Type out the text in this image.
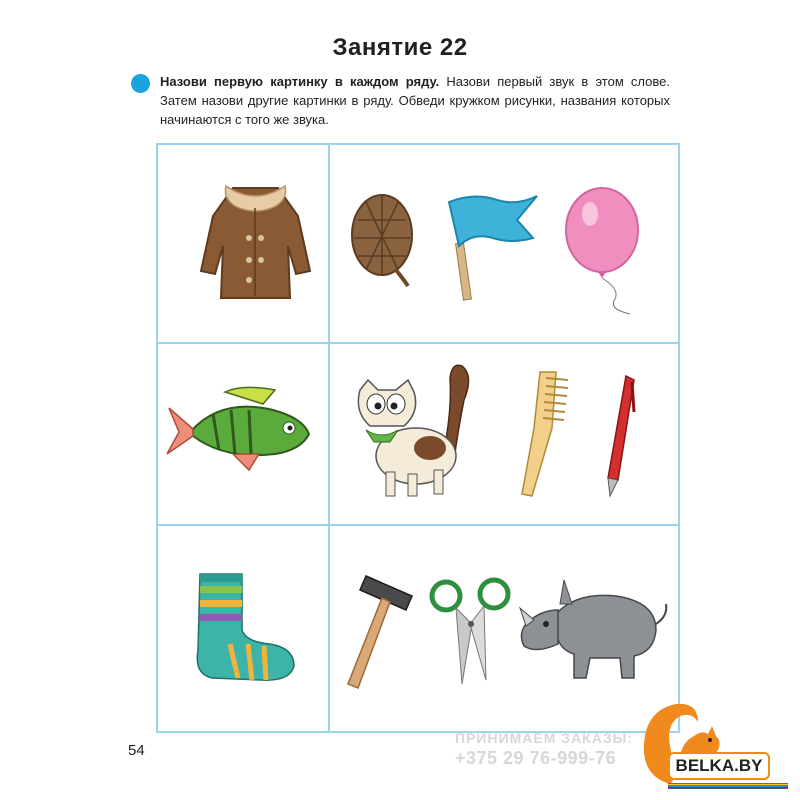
Занятие 22
Назови первую картинку в каждом ряду. Назови первый звук в этом слове. Затем назови другие картинки в ряду. Обведи кружком рисунки, названия которых начинаются с того же звука.
54
ПРИНИМАЕМ ЗАКАЗЫ:
+375 29 76-999-76	BELKA.BY
